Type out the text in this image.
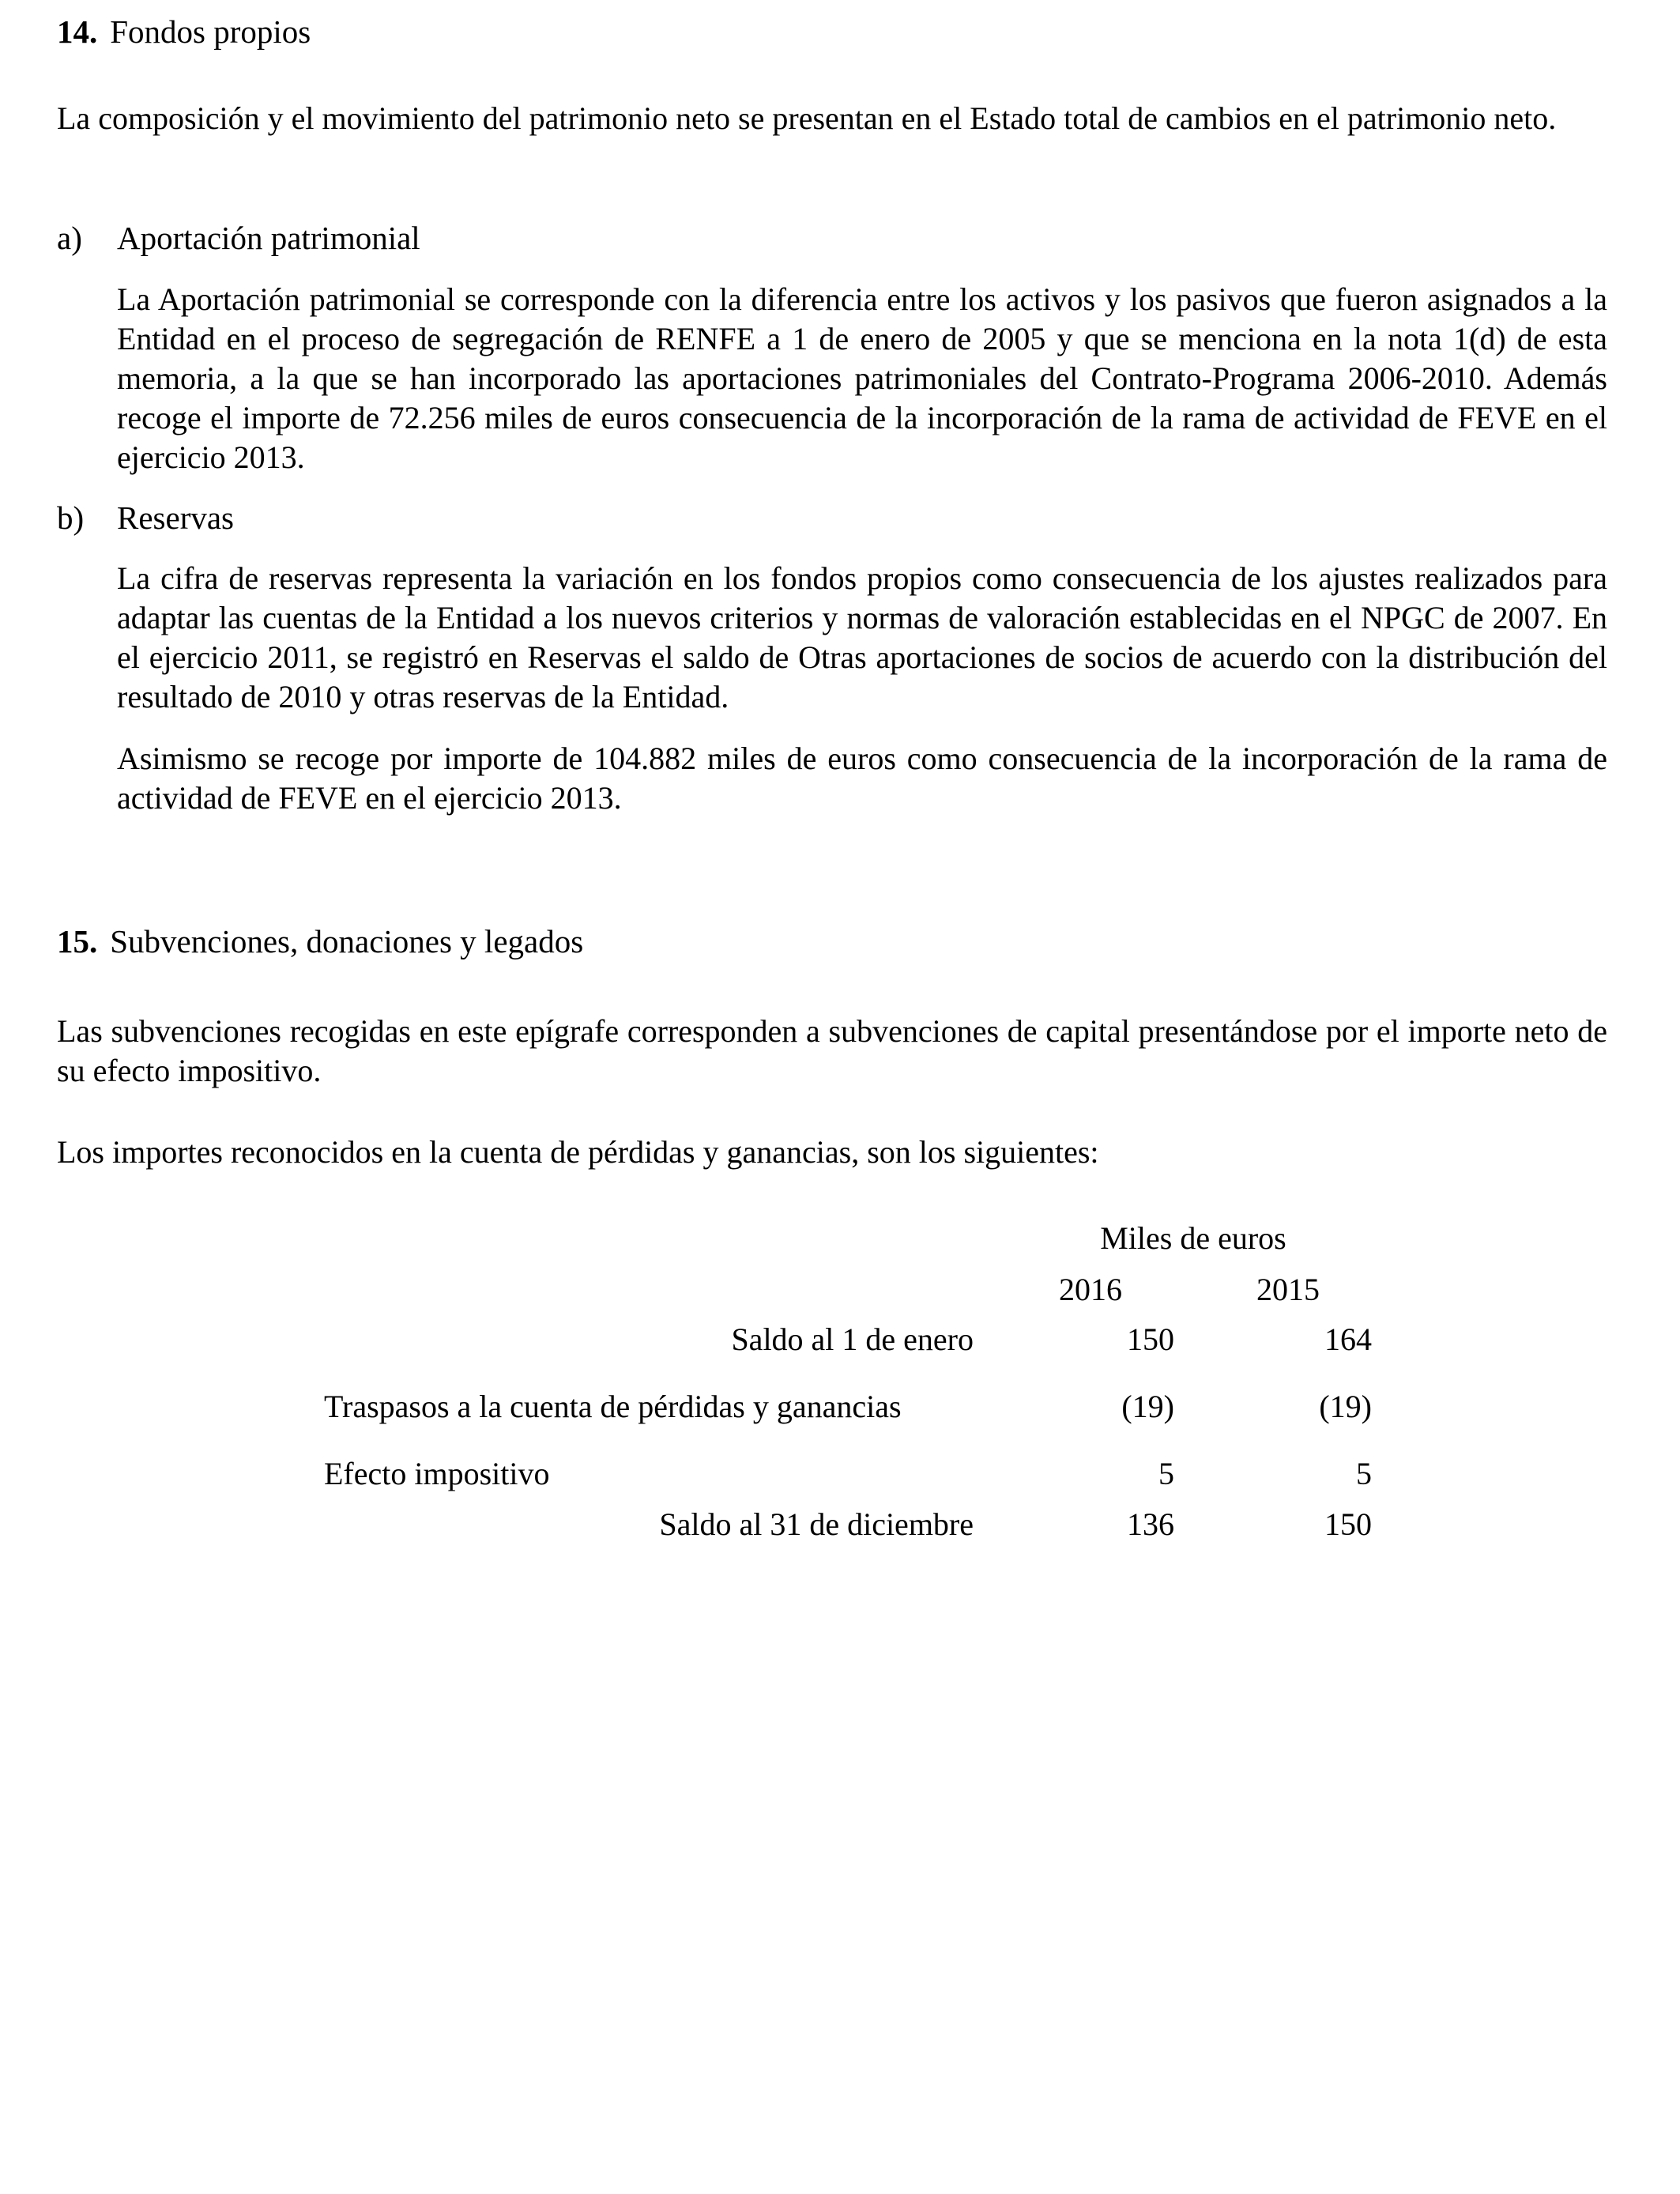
14. Fondos propios

La composición y el movimiento del patrimonio neto se presentan en el Estado total de cambios en el patrimonio neto.

a) Aportación patrimonial

La Aportación patrimonial se corresponde con la diferencia entre los activos y los pasivos que fueron asignados a la Entidad en el proceso de segregación de RENFE a 1 de enero de 2005 y que se menciona en la nota 1(d) de esta memoria, a la que se han incorporado las aportaciones patrimoniales del Contrato-Programa 2006-2010. Además recoge el importe de 72.256 miles de euros consecuencia de la incorporación de la rama de actividad de FEVE en el ejercicio 2013.

b) Reservas

La cifra de reservas representa la variación en los fondos propios como consecuencia de los ajustes realizados para adaptar las cuentas de la Entidad a los nuevos criterios y normas de valoración establecidas en el NPGC de 2007. En el ejercicio 2011, se registró en Reservas el saldo de Otras aportaciones de socios de acuerdo con la distribución del resultado de 2010 y otras reservas de la Entidad.

Asimismo se recoge por importe de 104.882 miles de euros como consecuencia de la incorporación de la rama de actividad de FEVE en el ejercicio 2013.

15. Subvenciones, donaciones y legados

Las subvenciones recogidas en este epígrafe corresponden a subvenciones de capital presentándose por el importe neto de su efecto impositivo.

Los importes reconocidos en la cuenta de pérdidas y ganancias, son los siguientes:

Miles de euros
2016	2015
Saldo al 1 de enero	150	164
Traspasos a la cuenta de pérdidas y ganancias	(19)	(19)
Efecto impositivo	5	5
Saldo al 31 de diciembre	136	150
